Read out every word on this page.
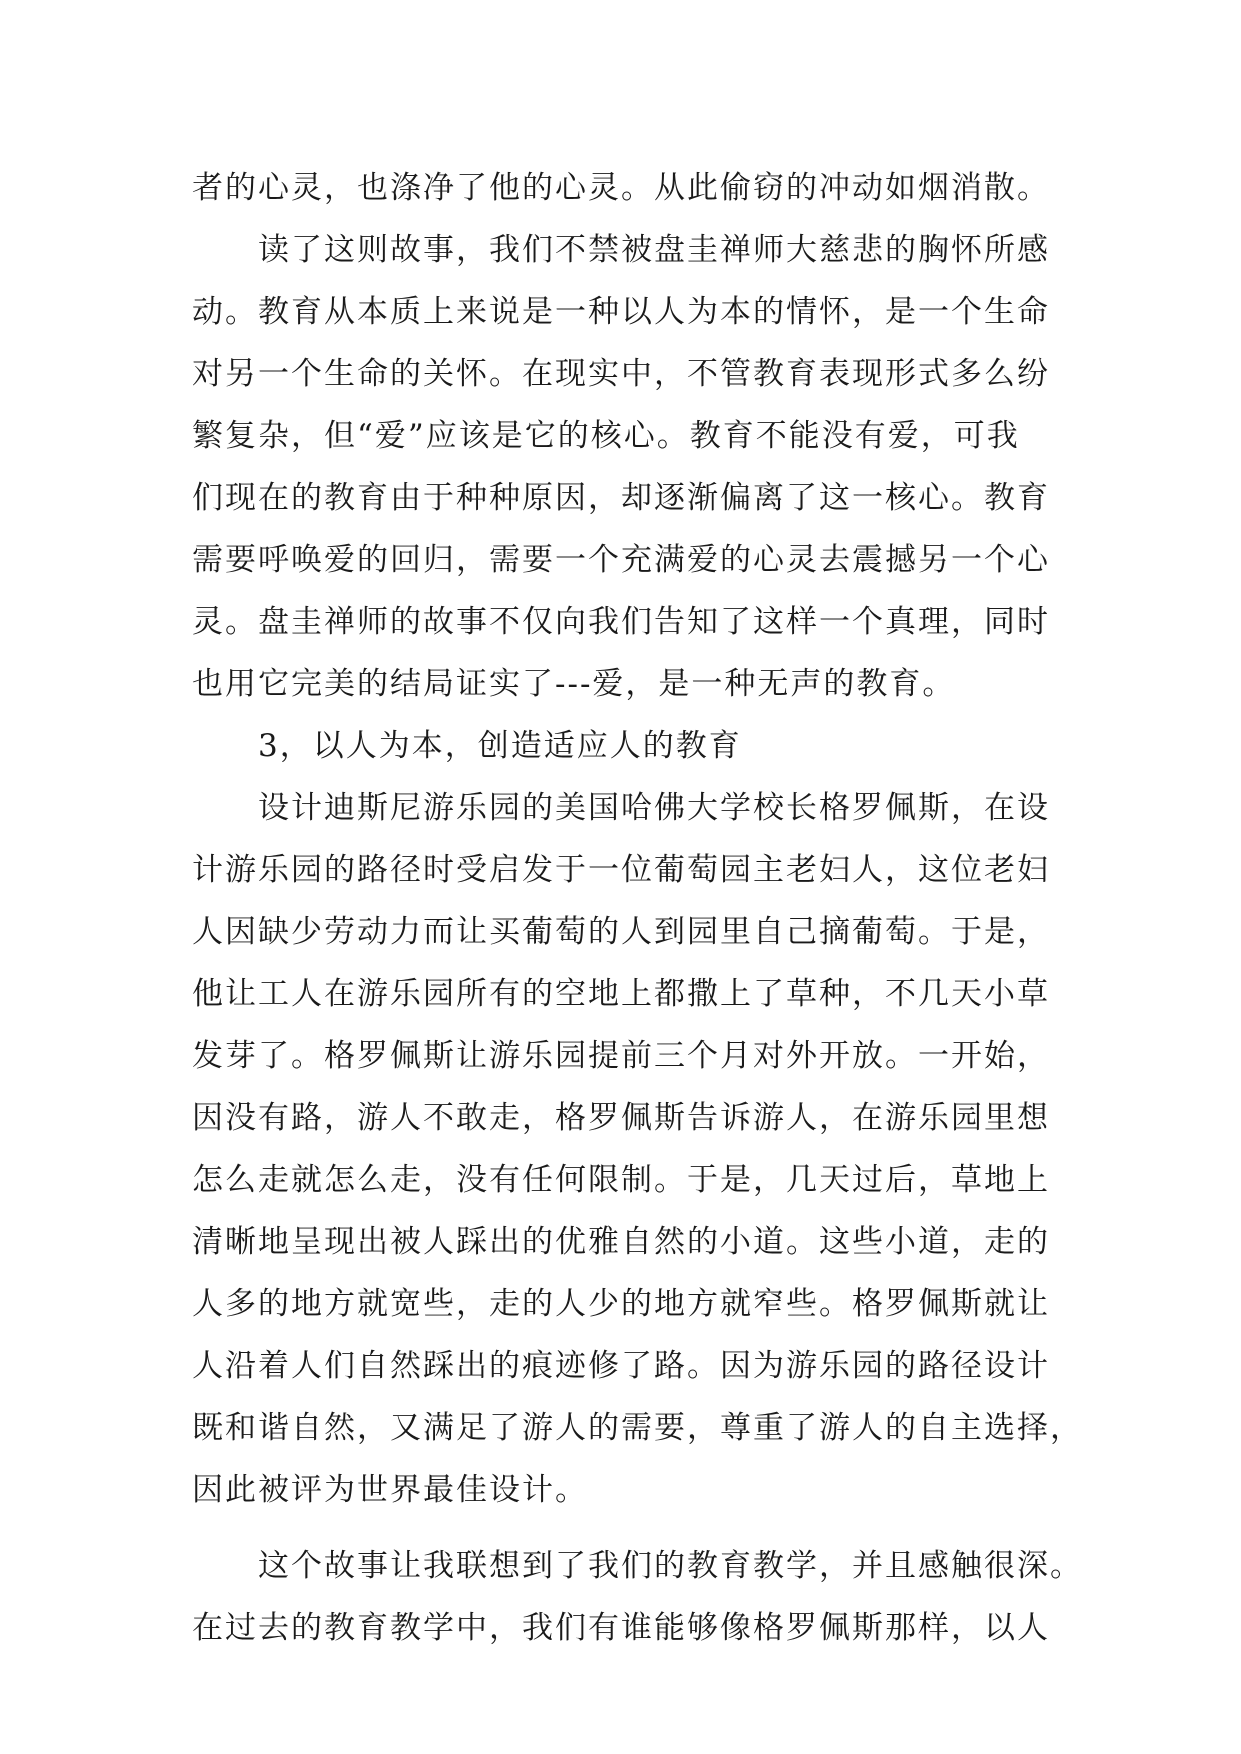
者的心灵，也涤净了他的心灵。从此偷窃的冲动如烟消散。
读了这则故事，我们不禁被盘圭禅师大慈悲的胸怀所感
动。教育从本质上来说是一种以人为本的情怀，是一个生命
对另一个生命的关怀。在现实中，不管教育表现形式多么纷
繁复杂，但“爱”应该是它的核心。教育不能没有爱，可我
们现在的教育由于种种原因，却逐渐偏离了这一核心。教育
需要呼唤爱的回归，需要一个充满爱的心灵去震撼另一个心
灵。盘圭禅师的故事不仅向我们告知了这样一个真理，同时
也用它完美的结局证实了---爱，是一种无声的教育。
3，以人为本，创造适应人的教育
设计迪斯尼游乐园的美国哈佛大学校长格罗佩斯，在设
计游乐园的路径时受启发于一位葡萄园主老妇人，这位老妇
人因缺少劳动力而让买葡萄的人到园里自己摘葡萄。于是，
他让工人在游乐园所有的空地上都撒上了草种，不几天小草
发芽了。格罗佩斯让游乐园提前三个月对外开放。一开始，
因没有路，游人不敢走，格罗佩斯告诉游人，在游乐园里想
怎么走就怎么走，没有任何限制。于是，几天过后，草地上
清晰地呈现出被人踩出的优雅自然的小道。这些小道，走的
人多的地方就宽些，走的人少的地方就窄些。格罗佩斯就让
人沿着人们自然踩出的痕迹修了路。因为游乐园的路径设计
既和谐自然，又满足了游人的需要，尊重了游人的自主选择，
因此被评为世界最佳设计。
这个故事让我联想到了我们的教育教学，并且感触很深。
在过去的教育教学中，我们有谁能够像格罗佩斯那样，以人
